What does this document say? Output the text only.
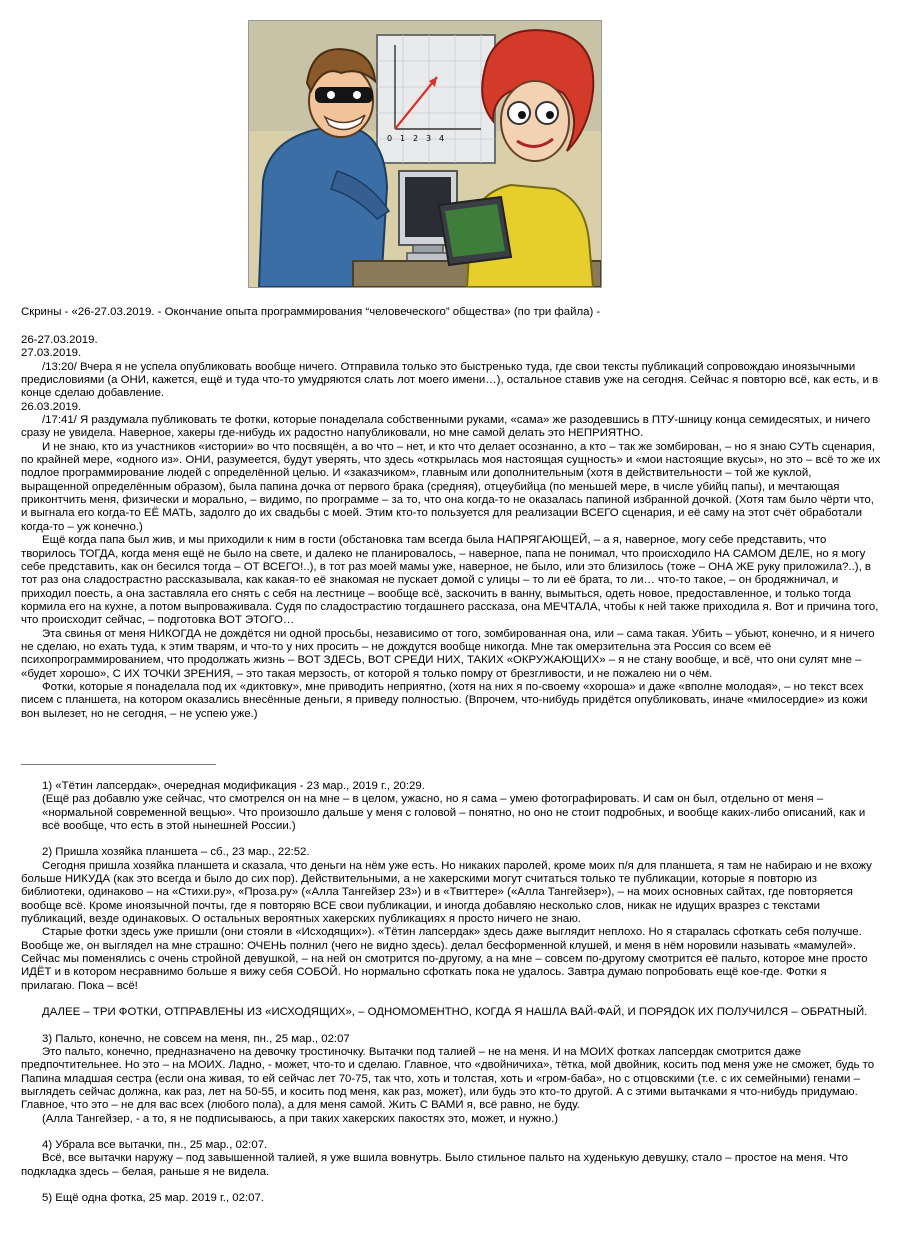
0 1 2 3 4
Скрины - «26-27.03.2019. - Окончание опыта программирования “человеческого” общества» (по три файла) -

26-27.03.2019.

27.03.2019.

/13:20/ Вчера я не успела опубликовать вообще ничего. Отправила только это быстренько туда, где свои тексты публикаций сопровождаю иноязычными предисловиями (а ОНИ, кажется, ещё и туда что-то умудряются слать лот моего имени…), остальное ставив уже на сегодня. Сейчас я повторю всё, как есть, и в конце сделаю добавление.

26.03.2019.

/17:41/ Я раздумала публиковать те фотки, которые понаделала собственными руками, «сама» же разодевшись в ПТУ-шницу конца семидесятых, и ничего сразу не увидела. Наверное, хакеры где-нибудь их радостно напубликовали, но мне самой делать это НЕПРИЯТНО.

И не знаю, кто из участников «истории» во что посвящён, а во что – нет, и кто что делает осознанно, а кто – так же зомбирован, – но я знаю СУТЬ сценария, по крайней мере, «одного из». ОНИ, разумеется, будут уверять, что здесь «открылась моя настоящая сущность» и «мои настоящие вкусы», но это – всё то же их подлое программирование людей с определённой целью. И «заказчиком», главным или дополнительным (хотя в действительности – той же куклой, выращенной определённым образом), была папина дочка от первого брака (средняя), отцеубийца (по меньшей мере, в числе убийц папы), и мечтающая приконтчить меня, физически и морально, – видимо, по программе – за то, что она когда-то не оказалась папиной избранной дочкой. (Хотя там было чёрти что, и выгнала его когда-то ЕЁ МАТЬ, задолго до их свадьбы с моей. Этим кто-то пользуется для реализации ВСЕГО сценария, и её саму на этот счёт обработали когда-то – уж конечно.)

Ещё когда папа был жив, и мы приходили к ним в гости (обстановка там всегда была НАПРЯГАЮЩЕЙ, – а я, наверное, могу себе представить, что творилось ТОГДА, когда меня ещё не было на свете, и далеко не планировалось, – наверное, папа не понимал, что происходило НА САМОМ ДЕЛЕ, но я могу себе представить, как он бесился тогда – ОТ ВСЕГО!..), в тот раз моей мамы уже, наверное, не было, или это близилось (тоже – ОНА ЖЕ руку приложила?..), в тот раз она сладострастно рассказывала, как какая-то её знакомая не пускает домой с улицы – то ли её брата, то ли… что-то такое, – он бродяжничал, и приходил поесть, а она заставляла его снять с себя на лестнице – вообще всё, заскочить в ванну, вымыться, одеть новое, предоставленное, и только тогда кормила его на кухне, а потом выпроваживала. Судя по сладострастию тогдашнего рассказа, она МЕЧТАЛА, чтобы к ней также приходила я. Вот и причина того, что происходит сейчас, – подготовка ВОТ ЭТОГО…

Эта свинья от меня НИКОГДА не дождётся ни одной просьбы, независимо от того, зомбированная она, или – сама такая. Убить – убьют, конечно, и я ничего не сделаю, но ехать туда, к этим тварям, и что-то у них просить – не дождутся вообще никогда. Мне так омерзительна эта Россия со всем её психопрограммированием, что продолжать жизнь – ВОТ ЗДЕСЬ, ВОТ СРЕДИ НИХ, ТАКИХ «ОКРУЖАЮЩИХ» – я не стану вообще, и всё, что они сулят мне – «будет хорошо», С ИХ ТОЧКИ ЗРЕНИЯ, – это такая мерзость, от которой я только помру от брезгливости, и не пожалею ни о чём.

Фотки, которые я понаделала под их «диктовку», мне приводить неприятно, (хотя на них я по-своему «хороша» и даже «вполне молодая», – но текст всех писем с планшета, на котором оказались внесённые деньги, я приведу полностью. (Впрочем, что-нибудь придётся опубликовать, иначе «милосердие» из кожи вон вылезет, но не сегодня, – не успею уже.)

1) «Тётин лапсердак», очередная модификация - 23 мар., 2019 г., 20:29.

(Ещё раз добавлю уже сейчас, что смотрелся он на мне – в целом, ужасно, но я сама – умею фотографировать. И сам он был, отдельно от меня – «нормальной современной вещью». Что произошло дальше у меня с головой – понятно, но оно не стоит подробных, и вообще каких-либо описаний, как и всё вообще, что есть в этой нынешней России.)

2) Пришла хозяйка планшета – сб., 23 мар., 22:52.

Сегодня пришла хозяйка планшета и сказала, что деньги на нём уже есть. Но никаких паролей, кроме моих п/я для планшета, я там не набираю и не вхожу больше НИКУДА (как это всегда и было до сих пор). Действительными, а не хакерскими могут считаться только те публикации, которые я повторю из библиотеки, одинаково – на «Стихи.ру», «Проза.ру» («Алла Тангейзер 23») и в «Твиттере» («Алла Тангейзер»), – на моих основных сайтах, где повторяется вообще всё. Кроме иноязычной почты, где я повторяю ВСЕ свои публикации, и иногда добавляю несколько слов, никак не идущих вразрез с текстами публикаций, везде одинаковых. О остальных вероятных хакерских публикациях я просто ничего не знаю.

Старые фотки здесь уже пришли (они стояли в «Исходящих»). «Тётин лапсердак» здесь даже выглядит неплохо. Но я старалась сфоткать себя получше. Вообще же, он выглядел на мне страшно: ОЧЕНЬ полнил (чего не видно здесь). делал бесформенной клушей, и меня в нём норовили называть «мамулей». Сейчас мы поменялись с очень стройной девушкой, – на ней он смотрится по-другому, а на мне – совсем по-другому смотрится её пальто, которое мне просто ИДЁТ и в котором несравнимо больше я вижу себя СОБОЙ. Но нормально сфоткать пока не удалось. Завтра думаю попробовать ещё кое-где. Фотки я прилагаю. Пока – всё!

ДАЛЕЕ – ТРИ ФОТКИ, ОТПРАВЛЕНЫ ИЗ «ИСХОДЯЩИХ», – ОДНОМОМЕНТНО, КОГДА Я НАШЛА ВАЙ-ФАЙ, И ПОРЯДОК ИХ ПОЛУЧИЛСЯ – ОБРАТНЫЙ.

3) Пальто, конечно, не совсем на меня, пн., 25 мар., 02:07

Это пальто, конечно, предназначено на девочку тростиночку. Вытачки под талией – не на меня. И на МОИХ фотках лапсердак смотрится даже предпочтительнее. Но это – на МОИХ. Ладно, - может, что-то и сделаю. Главное, что «двойничиха», тётка, мой двойник, косить под меня уже не сможет, будь то Папина младшая сестра (если она живая, то ей сейчас лет 70-75, так что, хоть и толстая, хоть и «гром-баба», но с отцовскими (т.е. с их семейными) генами – выглядеть сейчас должна, как раз, лет на 50-55, и косить под меня, как раз, может), или будь это кто-то другой. А с этими вытачками я что-нибудь придумаю. Главное, что это – не для вас всех (любого пола), а для меня самой. Жить С ВАМИ я, всё равно, не буду.

(Алла Тангейзер, - а то, я не подписываюсь, а при таких хакерских пакостях это, может, и нужно.)

4) Убрала все вытачки, пн., 25 мар., 02:07.

Всё, все вытачки наружу – под завышенной талией, я уже вшила вовнутрь. Было стильное пальто на худенькую девушку, стало – простое на меня. Что подкладка здесь – белая, раньше я не видела.

5) Ещё одна фотка, 25 мар. 2019 г., 02:07.
